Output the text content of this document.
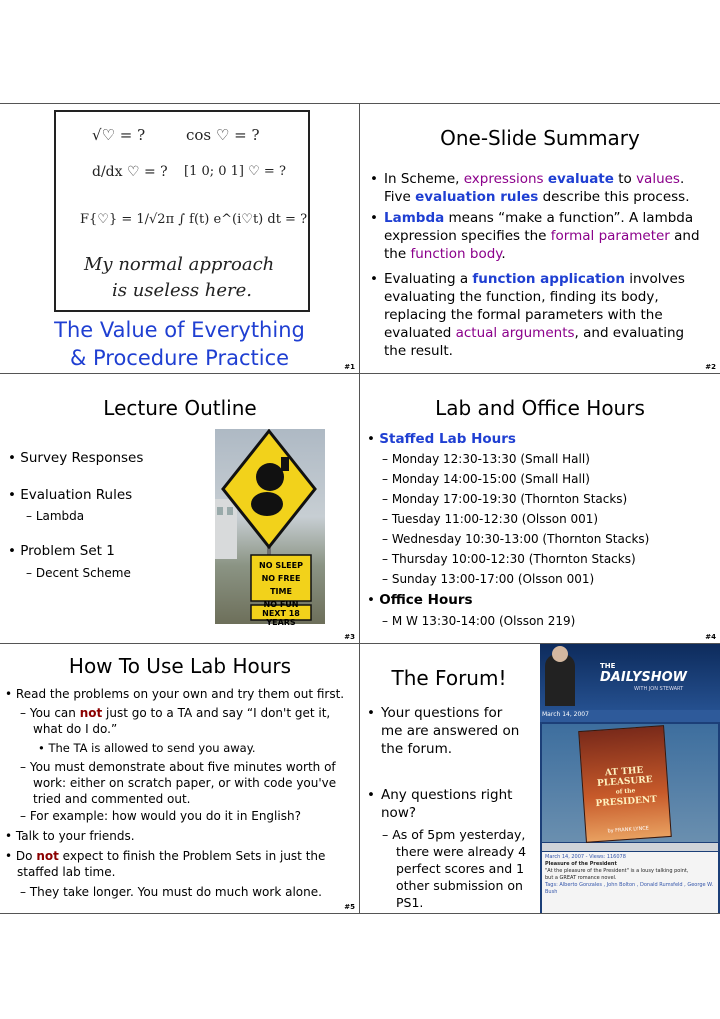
√♡ = ?	cos ♡ = ?
d/dx ♡ = ? [1 0; 0 1] ♡ = ?
F{♡} = 1/√2π ∫ f(t) e^(i♡t) dt = ?
My normal approach
is useless here.
The Value of Everything
& Procedure Practice	#1
One-Slide Summary
• In Scheme, expressions evaluate to values.
Five evaluation rules describe this process.
• Lambda means “make a function”. A lambda
expression specifies the formal parameter and
the function body.
• Evaluating a function application involves
evaluating the function, finding its body,
replacing the formal parameters with the
evaluated actual arguments, and evaluating
the result.
#2
Lecture Outline
• Survey Responses
• Evaluation Rules
– Lambda
• Problem Set 1
– Decent Scheme
NO SLEEP
NO FREE TIME
NO FUN
NEXT 18 YEARS
#3
Lab and Office Hours
• Staffed Lab Hours
– Monday 12:30-13:30 (Small Hall)
– Monday 14:00-15:00 (Small Hall)
– Monday 17:00-19:30 (Thornton Stacks)
– Tuesday 11:00-12:30 (Olsson 001)
– Wednesday 10:30-13:00 (Thornton Stacks)
– Thursday 10:00-12:30 (Thornton Stacks)
– Sunday 13:00-17:00 (Olsson 001)
• Office Hours
– M W 13:30-14:00 (Olsson 219)
#4
How To Use Lab Hours
• Read the problems on your own and try them out first.
– You can not just go to a TA and say “I don't get it,
what do I do.”
• The TA is allowed to send you away.
– You must demonstrate about five minutes worth of
work: either on scratch paper, or with code you've
tried and commented out.
– For example: how would you do it in English?
• Talk to your friends.
• Do not expect to finish the Problem Sets in just the
staffed lab time.
– They take longer. You must do much work alone.
#5
The Forum!
• Your questions for
me are answered on
the forum.
• Any questions right
now?
– As of 5pm yesterday,
there were already 4
perfect scores and 1
other submission on
PS1.
THE
DAILYSHOW
WITH JON STEWART
March 14, 2007
AT THE
PLEASURE
of the
PRESIDENT
by FRANK LYNCE
March 14, 2007 - Views: 116078
Pleasure of the President
"At the pleasure of the President" is a lousy talking point,
but a GREAT romance novel.
Tags: Alberto Gonzales , John Bolton , Donald Rumsfeld , George W. Bush
